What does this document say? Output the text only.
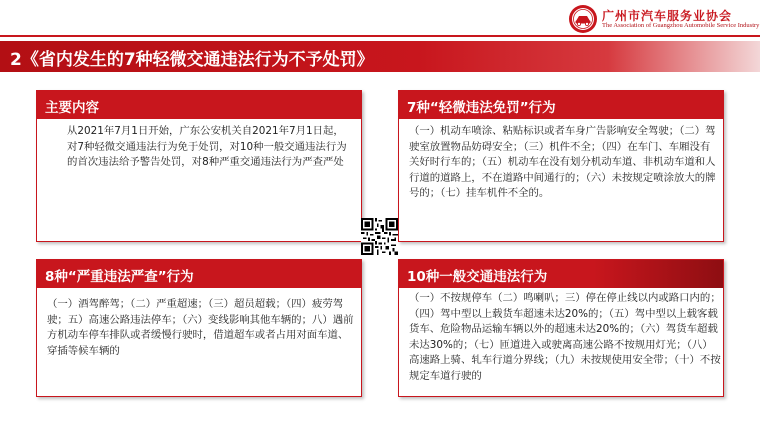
广州市汽车服务业协会
The Association of Guangzhou Automobile Service Industry
2《省内发生的7种轻微交通违法行为不予处罚》
主要内容
从2021年7月1日开始，广东公安机关自2021年7月1日起，对7种轻微交通违法行为免于处罚，对10种一般交通违法行为的首次违法给予警告处罚，对8种严重交通违法行为严查严处
7种“轻微违法免罚”行为
（一）机动车喷涂、粘贴标识或者车身广告影响安全驾驶；（二）驾驶室放置物品妨碍安全；（三）机件不全；（四）在车门、车厢没有关好时行车的；（五）机动车在没有划分机动车道、非机动车道和人行道的道路上，不在道路中间通行的；（六）未按规定喷涂放大的牌号的；（七）挂车机件不全的。
8种“严重违法严查”行为
（一）酒驾醉驾；（二）严重超速；（三）超员超载；（四）疲劳驾驶；五）高速公路违法停车；（六）变线影响其他车辆的；八）遇前方机动车停车排队或者缓慢行驶时，借道超车或者占用对面车道、穿插等候车辆的
10种一般交通违法行为
（一）不按规停车（二）鸣喇叭；三）停在停止线以内或路口内的；（四）驾中型以上载货车超速未达20%的；（五）驾中型以上载客载货车、危险物品运输车辆以外的超速未达20%的；（六）驾货车超载未达30%的；（七）匝道进入或驶离高速公路不按规用灯光；（八）高速路上骑、轧车行道分界线；（九）未按规使用安全带；（十）不按规定车道行驶的
